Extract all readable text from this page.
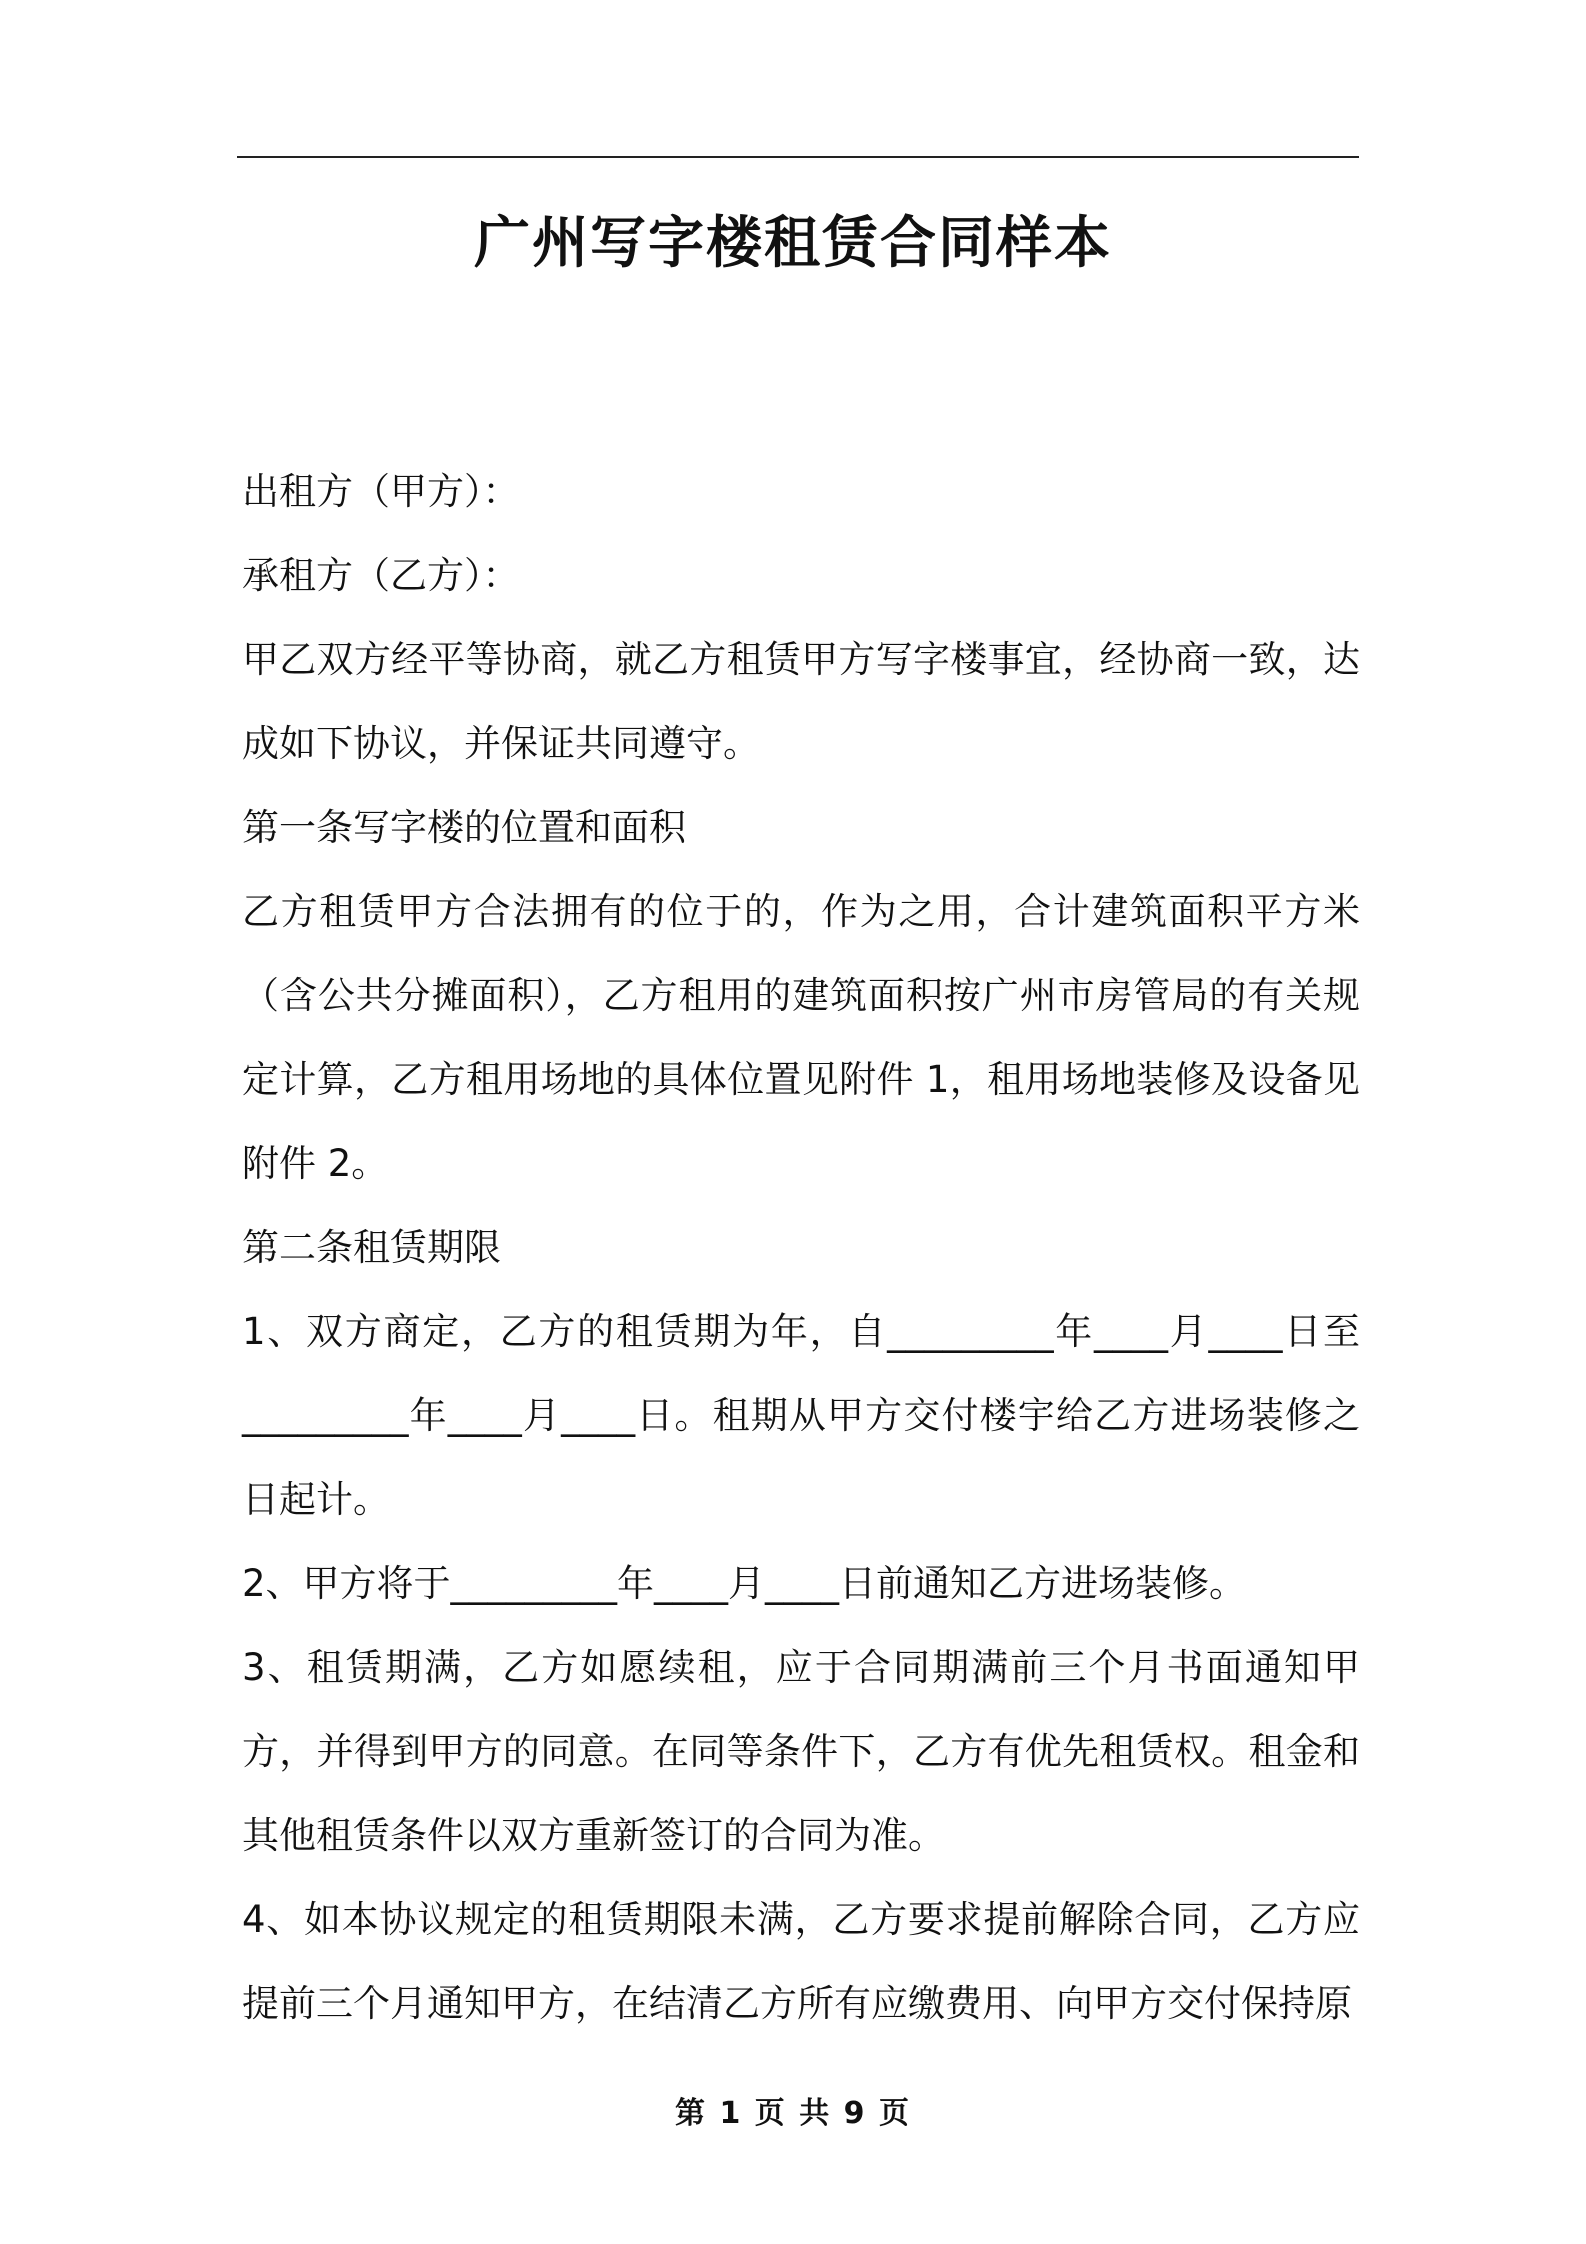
广州写字楼租赁合同样本

出租方（甲方）：

承租方（乙方）：

甲乙双方经平等协商，就乙方租赁甲方写字楼事宜，经协商一致，达成如下协议，并保证共同遵守。

第一条写字楼的位置和面积

乙方租赁甲方合法拥有的位于的，作为之用，合计建筑面积平方米（含公共分摊面积），乙方租用的建筑面积按广州市房管局的有关规定计算，乙方租用场地的具体位置见附件 1，租用场地装修及设备见附件 2。

第二条租赁期限

1、双方商定，乙方的租赁期为年，自_________年____月____日至_________年____月____日。租期从甲方交付楼宇给乙方进场装修之日起计。

2、甲方将于_________年____月____日前通知乙方进场装修。

3、租赁期满，乙方如愿续租，应于合同期满前三个月书面通知甲方，并得到甲方的同意。在同等条件下，乙方有优先租赁权。租金和其他租赁条件以双方重新签订的合同为准。

4、如本协议规定的租赁期限未满，乙方要求提前解除合同，乙方应提前三个月通知甲方，在结清乙方所有应缴费用、向甲方交付保持原

第 1 页 共 9 页
